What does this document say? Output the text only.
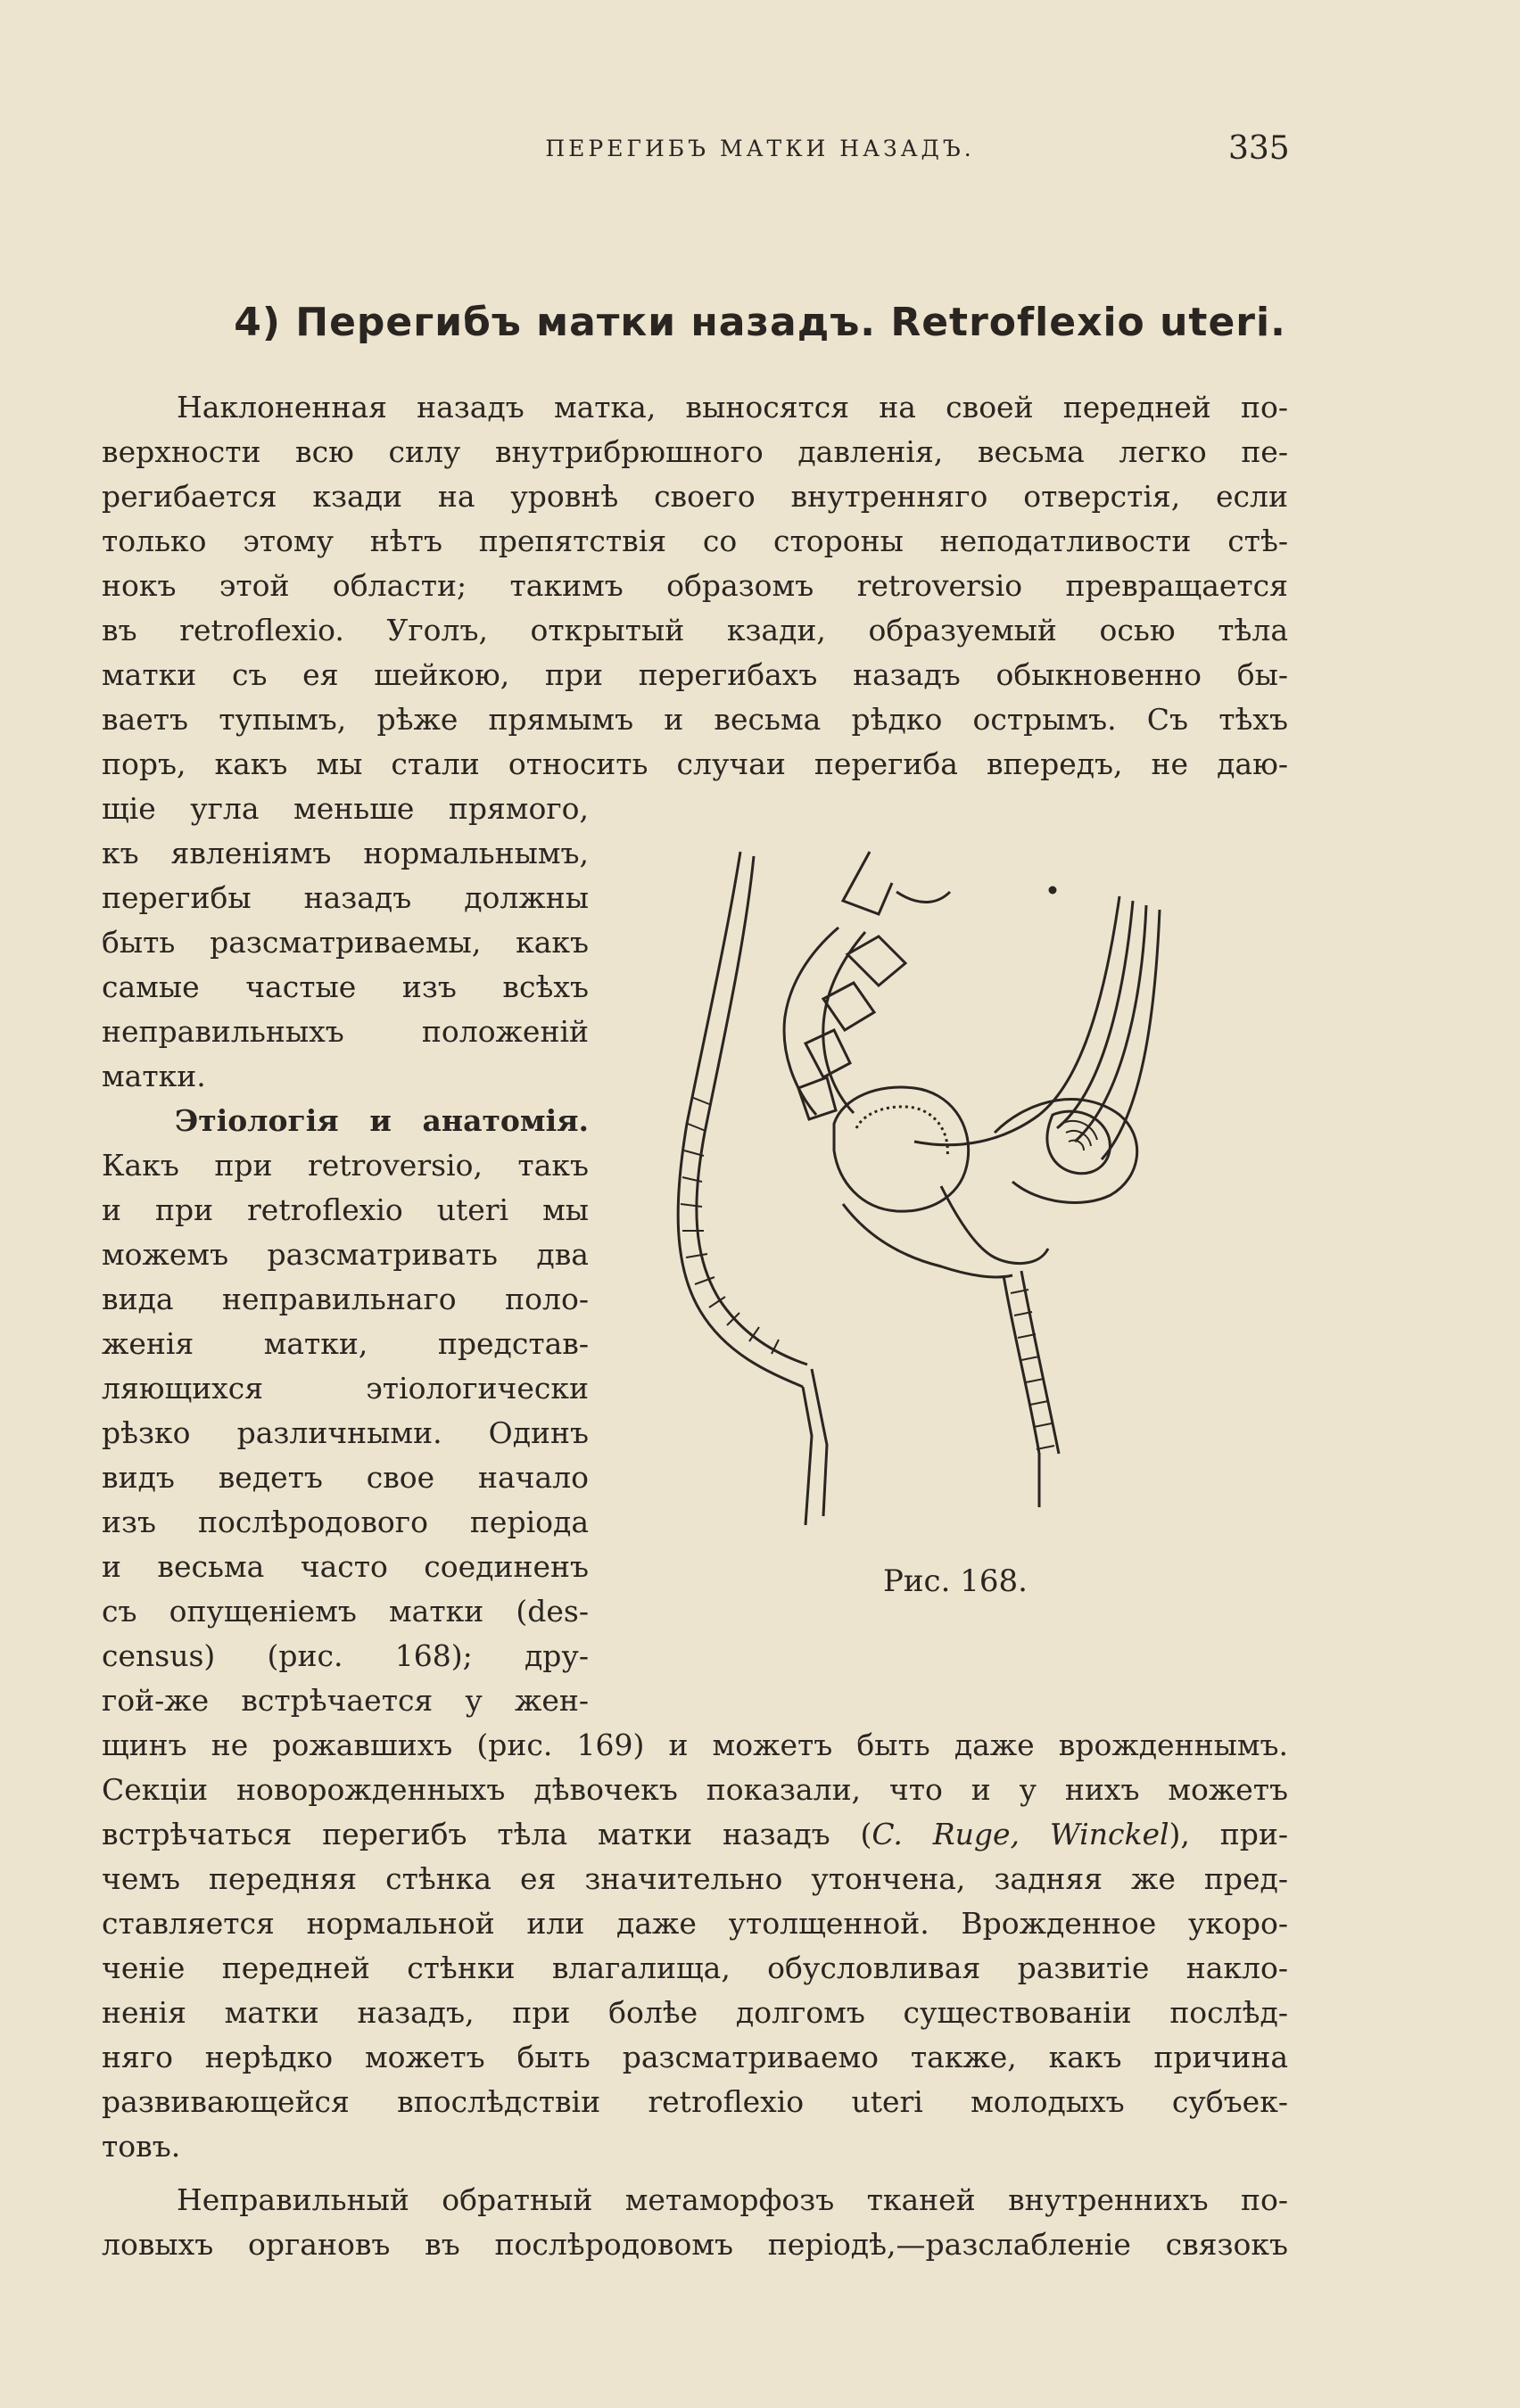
ПЕРЕГИБЪ МАТКИ НАЗАДЪ.	335
4) Перегибъ матки назадъ. Retroflexio uteri.
Наклоненная назадъ матка, выносятся на своей передней по-
верхности всю силу внутрибрюшного давленія, весьма легко пе-
регибается кзади на уровнѣ своего внутренняго отверстія, если
только этому нѣтъ препятствія со стороны неподатливости стѣ-
нокъ этой области; такимъ образомъ retroversio превращается
въ retroflexio. Уголъ, открытый кзади, образуемый осью тѣла
матки съ ея шейкою, при перегибахъ назадъ обыкновенно бы-
ваетъ тупымъ, рѣже прямымъ и весьма рѣдко острымъ. Съ тѣхъ
поръ, какъ мы стали относить случаи перегиба впередъ, не даю-
щіе угла меньше прямого,
къ явленіямъ нормальнымъ,
перегибы назадъ должны
быть разсматриваемы, какъ
самые частые изъ всѣхъ
неправильныхъ положеній
матки.
Этіологія и анатомія.
Какъ при retroversio, такъ
и при retroflexio uteri мы
можемъ разсматривать два
вида неправильнаго поло-
женія матки, представ-
ляющихся этіологически
рѣзко различными. Одинъ
видъ ведетъ свое начало
изъ послѣродового періода
и весьма часто соединенъ
съ опущеніемъ матки (des-
census) (рис. 168); дру-
гой-же встрѣчается у жен-
щинъ не рожавшихъ (рис. 169) и можетъ быть даже врожденнымъ.
Секціи новорожденныхъ дѣвочекъ показали, что и у нихъ можетъ
встрѣчаться перегибъ тѣла матки назадъ (C. Ruge, Winckel), при-
чемъ передняя стѣнка ея значительно утончена, задняя же пред-
ставляется нормальной или даже утолщенной. Врожденное укоро-
ченіе передней стѣнки влагалища, обусловливая развитіе накло-
ненія матки назадъ, при болѣе долгомъ существованіи послѣд-
няго нерѣдко можетъ быть разсматриваемо также, какъ причина
развивающейся впослѣдствіи retroflexio uteri молодыхъ субъек-
товъ.
Неправильный обратный метаморфозъ тканей внутреннихъ по-
ловыхъ органовъ въ послѣродовомъ періодѣ,—разслабленіе связокъ
Рис. 168.
